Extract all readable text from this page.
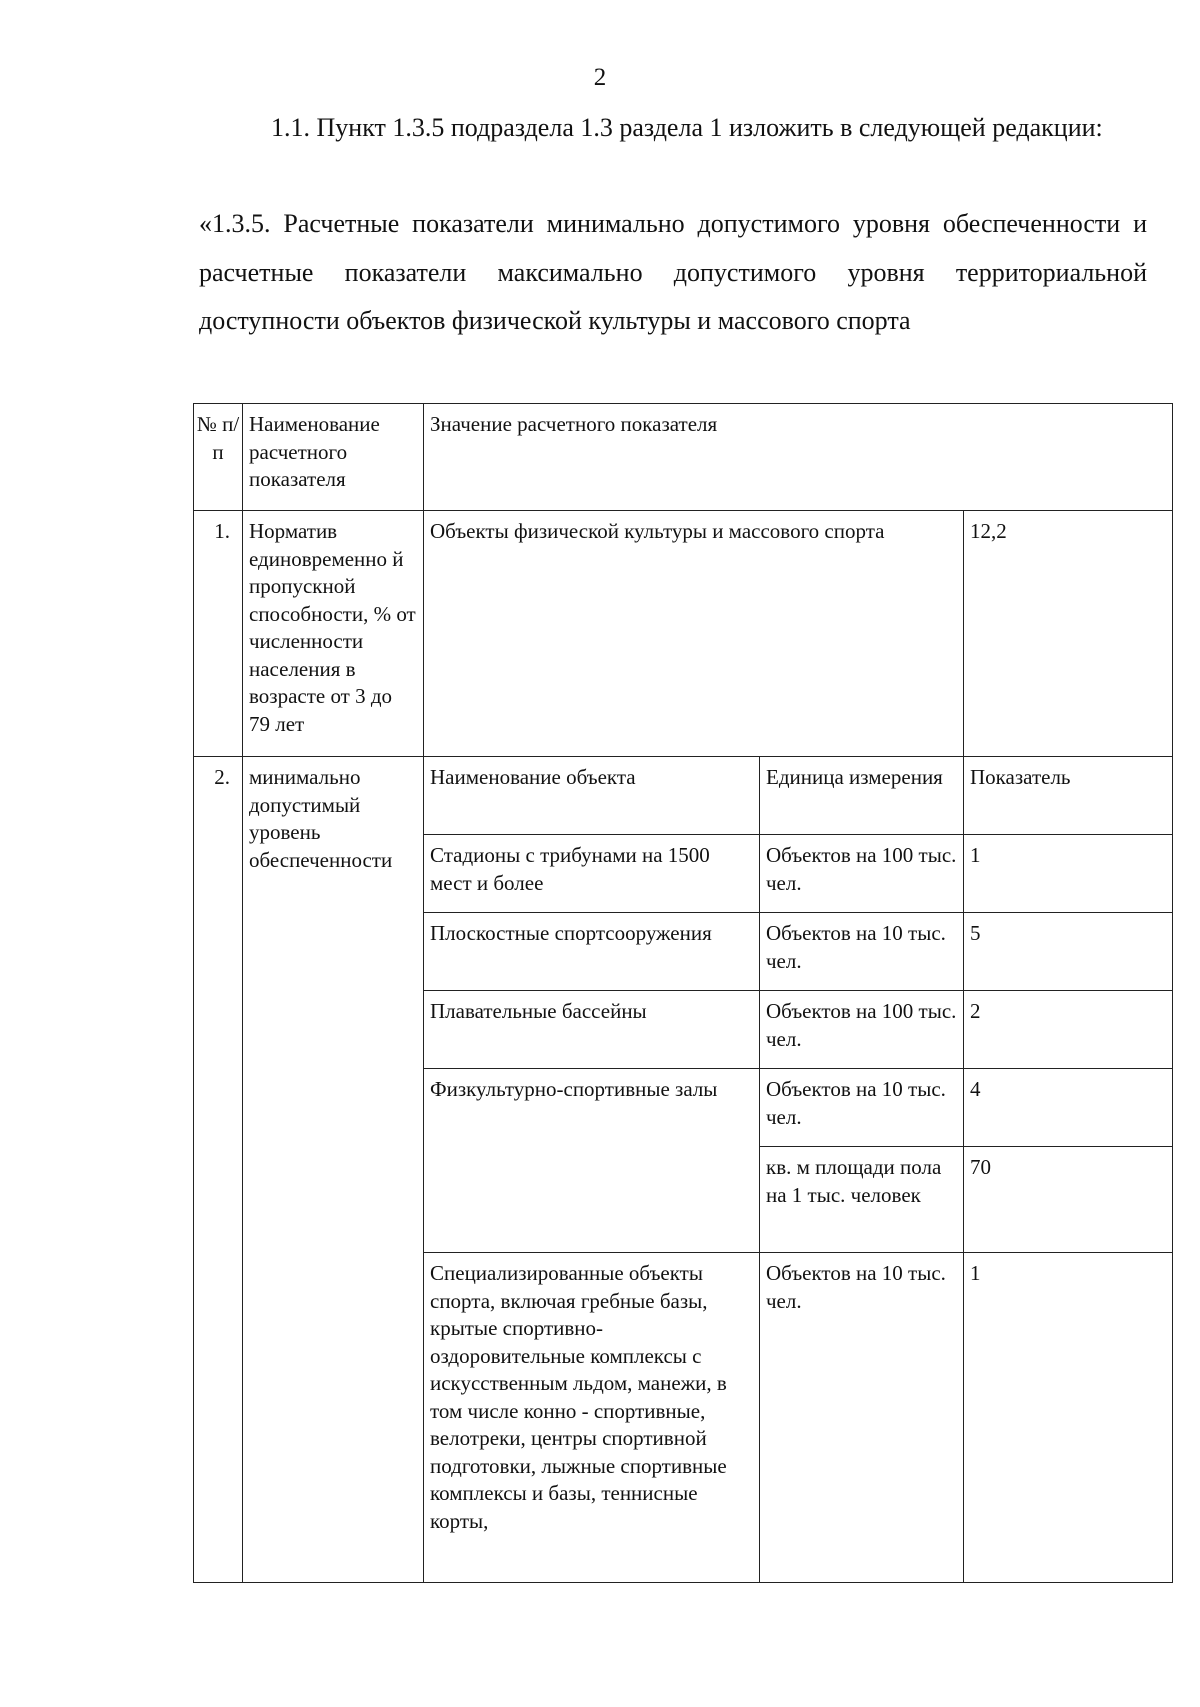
2
1.1. Пункт 1.3.5 подраздела 1.3 раздела 1 изложить в следующей редакции:
«1.3.5. Расчетные показатели минимально допустимого уровня обеспеченности и расчетные показатели максимально допустимого уровня территориальной доступности объектов физической культуры и массового спорта
№ п/п	Наименование расчетного показателя	Значение расчетного показателя		
1.	Норматив единовременно й пропускной способности, % от численности населения в возрасте от 3 до 79 лет	Объекты физической культуры и массового спорта		12,2
2.	минимально допустимый уровень обеспеченности	Наименование объекта	Единица измерения	Показатель
		Стадионы с трибунами на 1500 мест и более	Объектов на 100 тыс. чел.	1
		Плоскостные спортсооружения	Объектов на 10 тыс. чел.	5
		Плавательные бассейны	Объектов на 100 тыс. чел.	2
		Физкультурно-спортивные залы	Объектов на 10 тыс. чел.	4
			кв. м площади пола на 1 тыс. человек	70
		Специализированные объекты спорта, включая гребные базы, крытые спортивно-оздоровительные комплексы с искусственным льдом, манежи, в том числе конно - спортивные, велотреки, центры спортивной подготовки, лыжные спортивные комплексы и базы, теннисные корты,	Объектов на 10 тыс. чел.	1
